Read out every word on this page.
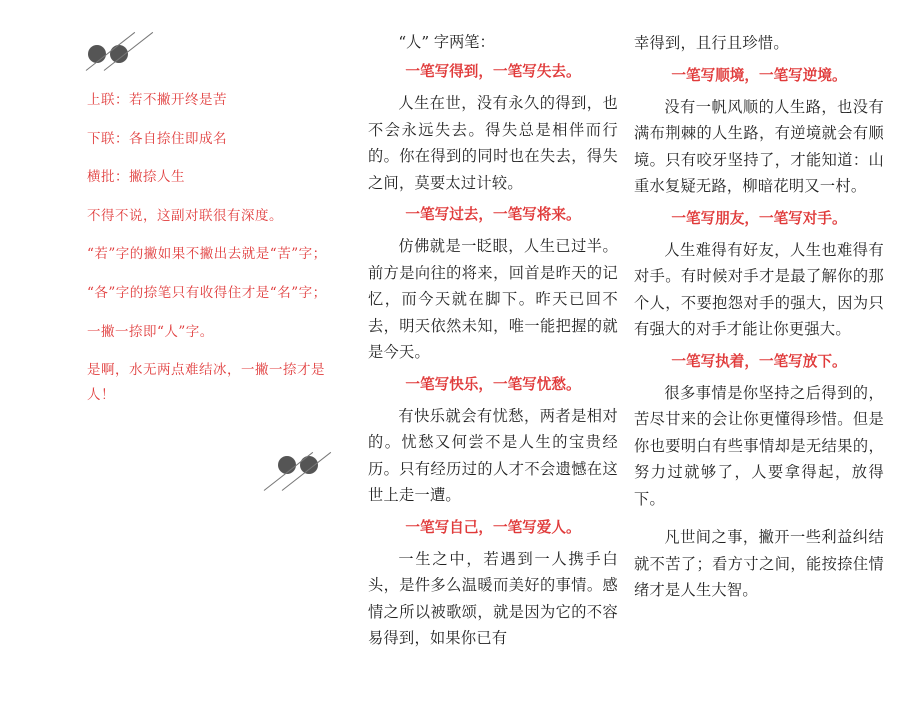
上联：若不撇开终是苦

下联：各自捺住即成名

横批：撇捺人生

不得不说，这副对联很有深度。

“若”字的撇如果不撇出去就是“苦”字；

“各”字的捺笔只有收得住才是“名”字；

一撇一捺即“人”字。

是啊，水无两点难结冰，一撇一捺才是人！

“人” 字两笔：

一笔写得到，一笔写失去。

人生在世，没有永久的得到，也不会永远失去。得失总是相伴而行的。你在得到的同时也在失去，得失之间，莫要太过计较。

一笔写过去，一笔写将来。

仿佛就是一眨眼，人生已过半。前方是向往的将来，回首是昨天的记忆，而今天就在脚下。昨天已回不去，明天依然未知，唯一能把握的就是今天。

一笔写快乐，一笔写忧愁。

有快乐就会有忧愁，两者是相对的。忧愁又何尝不是人生的宝贵经历。只有经历过的人才不会遗憾在这世上走一遭。

一笔写自己，一笔写爱人。

一生之中，若遇到一人携手白头，是件多么温暖而美好的事情。感情之所以被歌颂，就是因为它的不容易得到，如果你已有

幸得到，且行且珍惜。

一笔写顺境，一笔写逆境。

没有一帆风顺的人生路，也没有满布荆棘的人生路，有逆境就会有顺境。只有咬牙坚持了，才能知道：山重水复疑无路，柳暗花明又一村。

一笔写朋友，一笔写对手。

人生难得有好友，人生也难得有对手。有时候对手才是最了解你的那个人，不要抱怨对手的强大，因为只有强大的对手才能让你更强大。

一笔写执着，一笔写放下。

很多事情是你坚持之后得到的，苦尽甘来的会让你更懂得珍惜。但是你也要明白有些事情却是无结果的，努力过就够了，人要拿得起，放得下。

凡世间之事，撇开一些利益纠结就不苦了；看方寸之间，能按捺住情绪才是人生大智。
